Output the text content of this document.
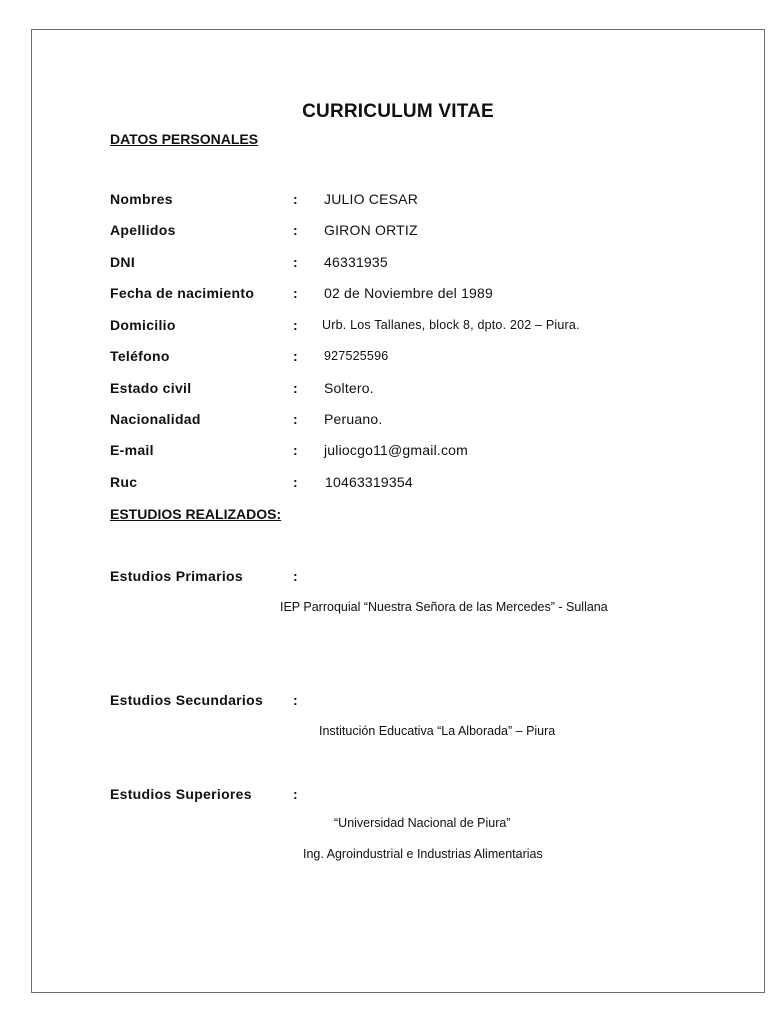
CURRICULUM VITAE
DATOS PERSONALES
Nombres	: JULIO CESAR
Apellidos	: GIRON ORTIZ
DNI	: 46331935
Fecha de nacimiento	: 02 de Noviembre del 1989
Domicilio	: Urb. Los Tallanes, block 8, dpto. 202 – Piura.
Teléfono	: 927525596
Estado civil	: Soltero.
Nacionalidad	: Peruano.
E-mail	: juliocgo11@gmail.com
Ruc	: 10463319354
ESTUDIOS REALIZADOS:
Estudios Primarios	:
IEP Parroquial “Nuestra Señora de las Mercedes” - Sullana
Estudios Secundarios :
Institución Educativa “La Alborada” – Piura
Estudios Superiores	:
“Universidad Nacional de Piura”
Ing. Agroindustrial e Industrias Alimentarias
